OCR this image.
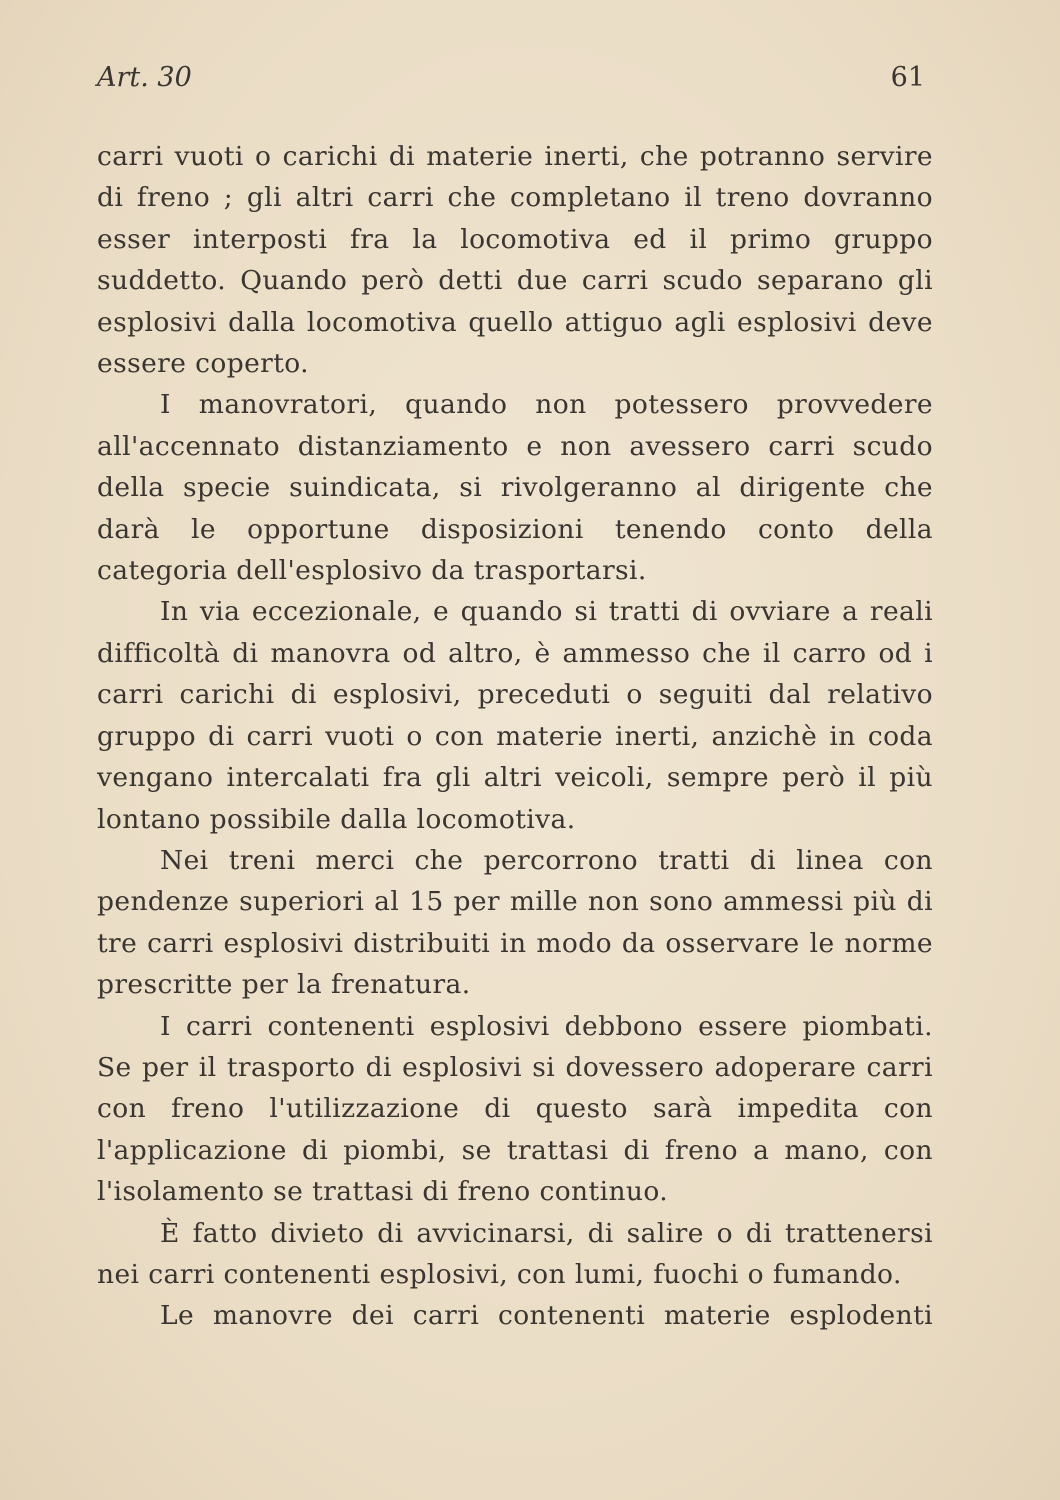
Art. 30	61

carri vuoti o carichi di materie inerti, che potranno servire di freno ; gli altri carri che completano il treno dovranno esser interposti fra la locomotiva ed il primo gruppo suddetto. Quando però detti due carri scudo separano gli esplosivi dalla locomotiva quello attiguo agli esplosivi deve essere coperto.

I manovratori, quando non potessero provvedere all'accennato distanziamento e non avessero carri scudo della specie suindicata, si rivolgeranno al dirigente che darà le opportune disposizioni tenendo conto della categoria dell'esplosivo da trasportarsi.

In via eccezionale, e quando si tratti di ovviare a reali difficoltà di manovra od altro, è ammesso che il carro od i carri carichi di esplosivi, preceduti o seguiti dal relativo gruppo di carri vuoti o con materie inerti, anzichè in coda vengano intercalati fra gli altri veicoli, sempre però il più lontano possibile dalla locomotiva.

Nei treni merci che percorrono tratti di linea con pendenze superiori al 15 per mille non sono ammessi più di tre carri esplosivi distribuiti in modo da osservare le norme prescritte per la frenatura.

I carri contenenti esplosivi debbono essere piombati. Se per il trasporto di esplosivi si dovessero adoperare carri con freno l'utilizzazione di questo sarà impedita con l'applicazione di piombi, se trattasi di freno a mano, con l'isolamento se trattasi di freno continuo.

È fatto divieto di avvicinarsi, di salire o di trattenersi nei carri contenenti esplosivi, con lumi, fuochi o fumando.

Le manovre dei carri contenenti materie esplodenti
